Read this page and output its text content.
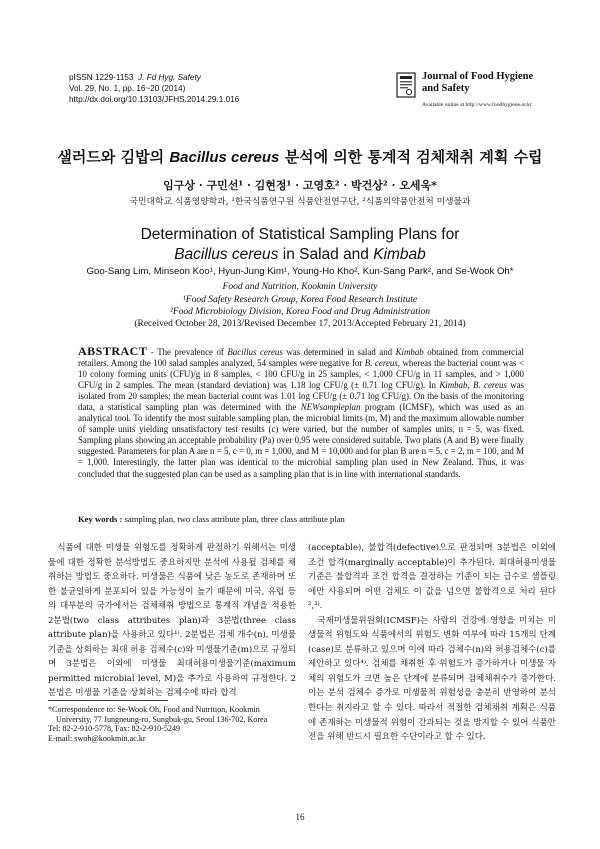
pISSN 1229-1153 J. Fd Hyg. Safety
Vol. 29, No. 1, pp. 16~20 (2014)
http://dx.doi.org/10.13103/JFHS.2014.29.1.016
Journal of Food Hygiene
and Safety
Available online at http://www.foodhygiene.or.kr
샐러드와 김밥의 Bacillus cereus 분석에 의한 통계적 검체채취 계획 수립
임구상 · 구민선¹ · 김현정¹ · 고영호² · 박건상² · 오세욱*
국민대학교 식품영양학과, ¹한국식품연구원 식품안전연구단, ²식품의약품안전처 미생물과
Determination of Statistical Sampling Plans for
Bacillus cereus in Salad and Kimbab
Goo-Sang Lim, Minseon Koo¹, Hyun-Jung Kim¹, Young-Ho Kho², Kun-Sang Park², and Se-Wook Oh*
Food and Nutrition, Kookmin University
¹Food Safety Research Group, Korea Food Research Institute
²Food Microbiology Division, Korea Food and Drug Administration
(Received October 28, 2013/Revised December 17, 2013/Accepted February 21, 2014)
ABSTRACT - The prevalence of Bacillus cereus was determined in salad and Kimbab obtained from commercial retailers. Among the 100 salad samples analyzed, 54 samples were negative for B. cereus, whereas the bacterial count was < 10 colony forming units (CFU)/g in 8 samples, < 100 CFU/g in 25 samples, < 1,000 CFU/g in 11 samples, and > 1,000 CFU/g in 2 samples. The mean (standard deviation) was 1.18 log CFU/g (± 0.71 log CFU/g). In Kimbab, B. cereus was isolated from 20 samples; the mean bacterial count was 1.01 log CFU/g (± 0.71 log CFU/g). On the basis of the monitoring data, a statistical sampling plan was determined with the NEWsampleplan program (ICMSF), which was used as an analytical tool. To identify the most suitable sampling plan, the microbial limits (m, M) and the maximum allowable number of sample units yielding unsatisfactory test results (c) were varied, but the number of samples units, n = 5, was fixed. Sampling plans showing an acceptable probability (Pa) over 0.95 were considered suitable. Two plans (A and B) were finally suggested. Parameters for plan A are n = 5, c = 0, m = 1,000, and M = 10,000 and for plan B are n = 5, c = 2, m = 100, and M = 1,000. Interestingly, the latter plan was identical to the microbial sampling plan used in New Zealand. Thus, it was concluded that the suggested plan can be used as a sampling plan that is in line with international standards.
Key words : sampling plan, two class attribute plan, three class attribute plan

식품에 대한 미생물 위험도를 정확하게 판정하기 위해서는 미생물에 대한 정확한 분석방법도 중요하지만 분석에 사용될 검체를 채취하는 방법도 중요하다. 미생물은 식품에 낮은 농도로 존재하며 또한 불균일하게 분포되어 있을 가능성이 높기 때문에 미국, 유럽 등의 대부분의 국가에서는 검체채취 방법으로 통계적 개념을 적용한 2분법(two class attributes plan)과 3분법(three class attribute plan)을 사용하고 있다¹⁾. 2분법은 검체 개수(n), 미생물 기준을 상회하는 최대 허용 검체수(c)와 미생물기준(m)으로 규정되며 3분법은 이외에 미생물 최대허용미생물기준(maximum permitted microbial level, M)을 추가로 사용하여 규정한다. 2분법은 미생물 기준을 상회하는 검체수에 따라 합격

(acceptable), 불합격(defective)으로 판정되며 3분법은 이외에 조건 합격(marginally acceptable)이 추가된다. 최대허용미생물기준은 불합격과 조건 합격을 결정하는 기준이 되는 급수로 샘플링에만 사용되며 어떤 검체도 이 값을 넘으면 불합격으로 처리 된다²,³⁾.

국제미생물위원회(ICMSF)는 사람의 건강에 영향을 미치는 미생물적 위험도와 식품에서의 위험도 변화 여부에 따라 15개의 단계(case)로 분류하고 있으며 이에 따라 검체수(n)와 허용검체수(c)를 제안하고 있다⁴⁾. 검체를 채취한 후 위험도가 증가하거나 미생물 자체의 위험도가 크면 높은 단계에 분류되며 검체채취수가 증가한다. 이는 분석 검체수 증가로 미생물적 위험성을 충분히 반영하여 분석한다는 취지라고 할 수 있다. 따라서 적절한 검체채취 계획은 식품에 존재하는 미생물적 위험이 간과되는 것을 방지할 수 있어 식품안전을 위해 반드시 필요한 수단이라고 할 수 있다.

*Correspondence to: Se-Wook Oh, Food and Nutrition, Kookmin
University, 77 Jungneung-ro, Sungbuk-gu, Seoul 136-702, Korea
Tel: 82-2-910-5778, Fax: 82-2-910-5249
E-mail: swoh@kookmin.ac.kr
16
